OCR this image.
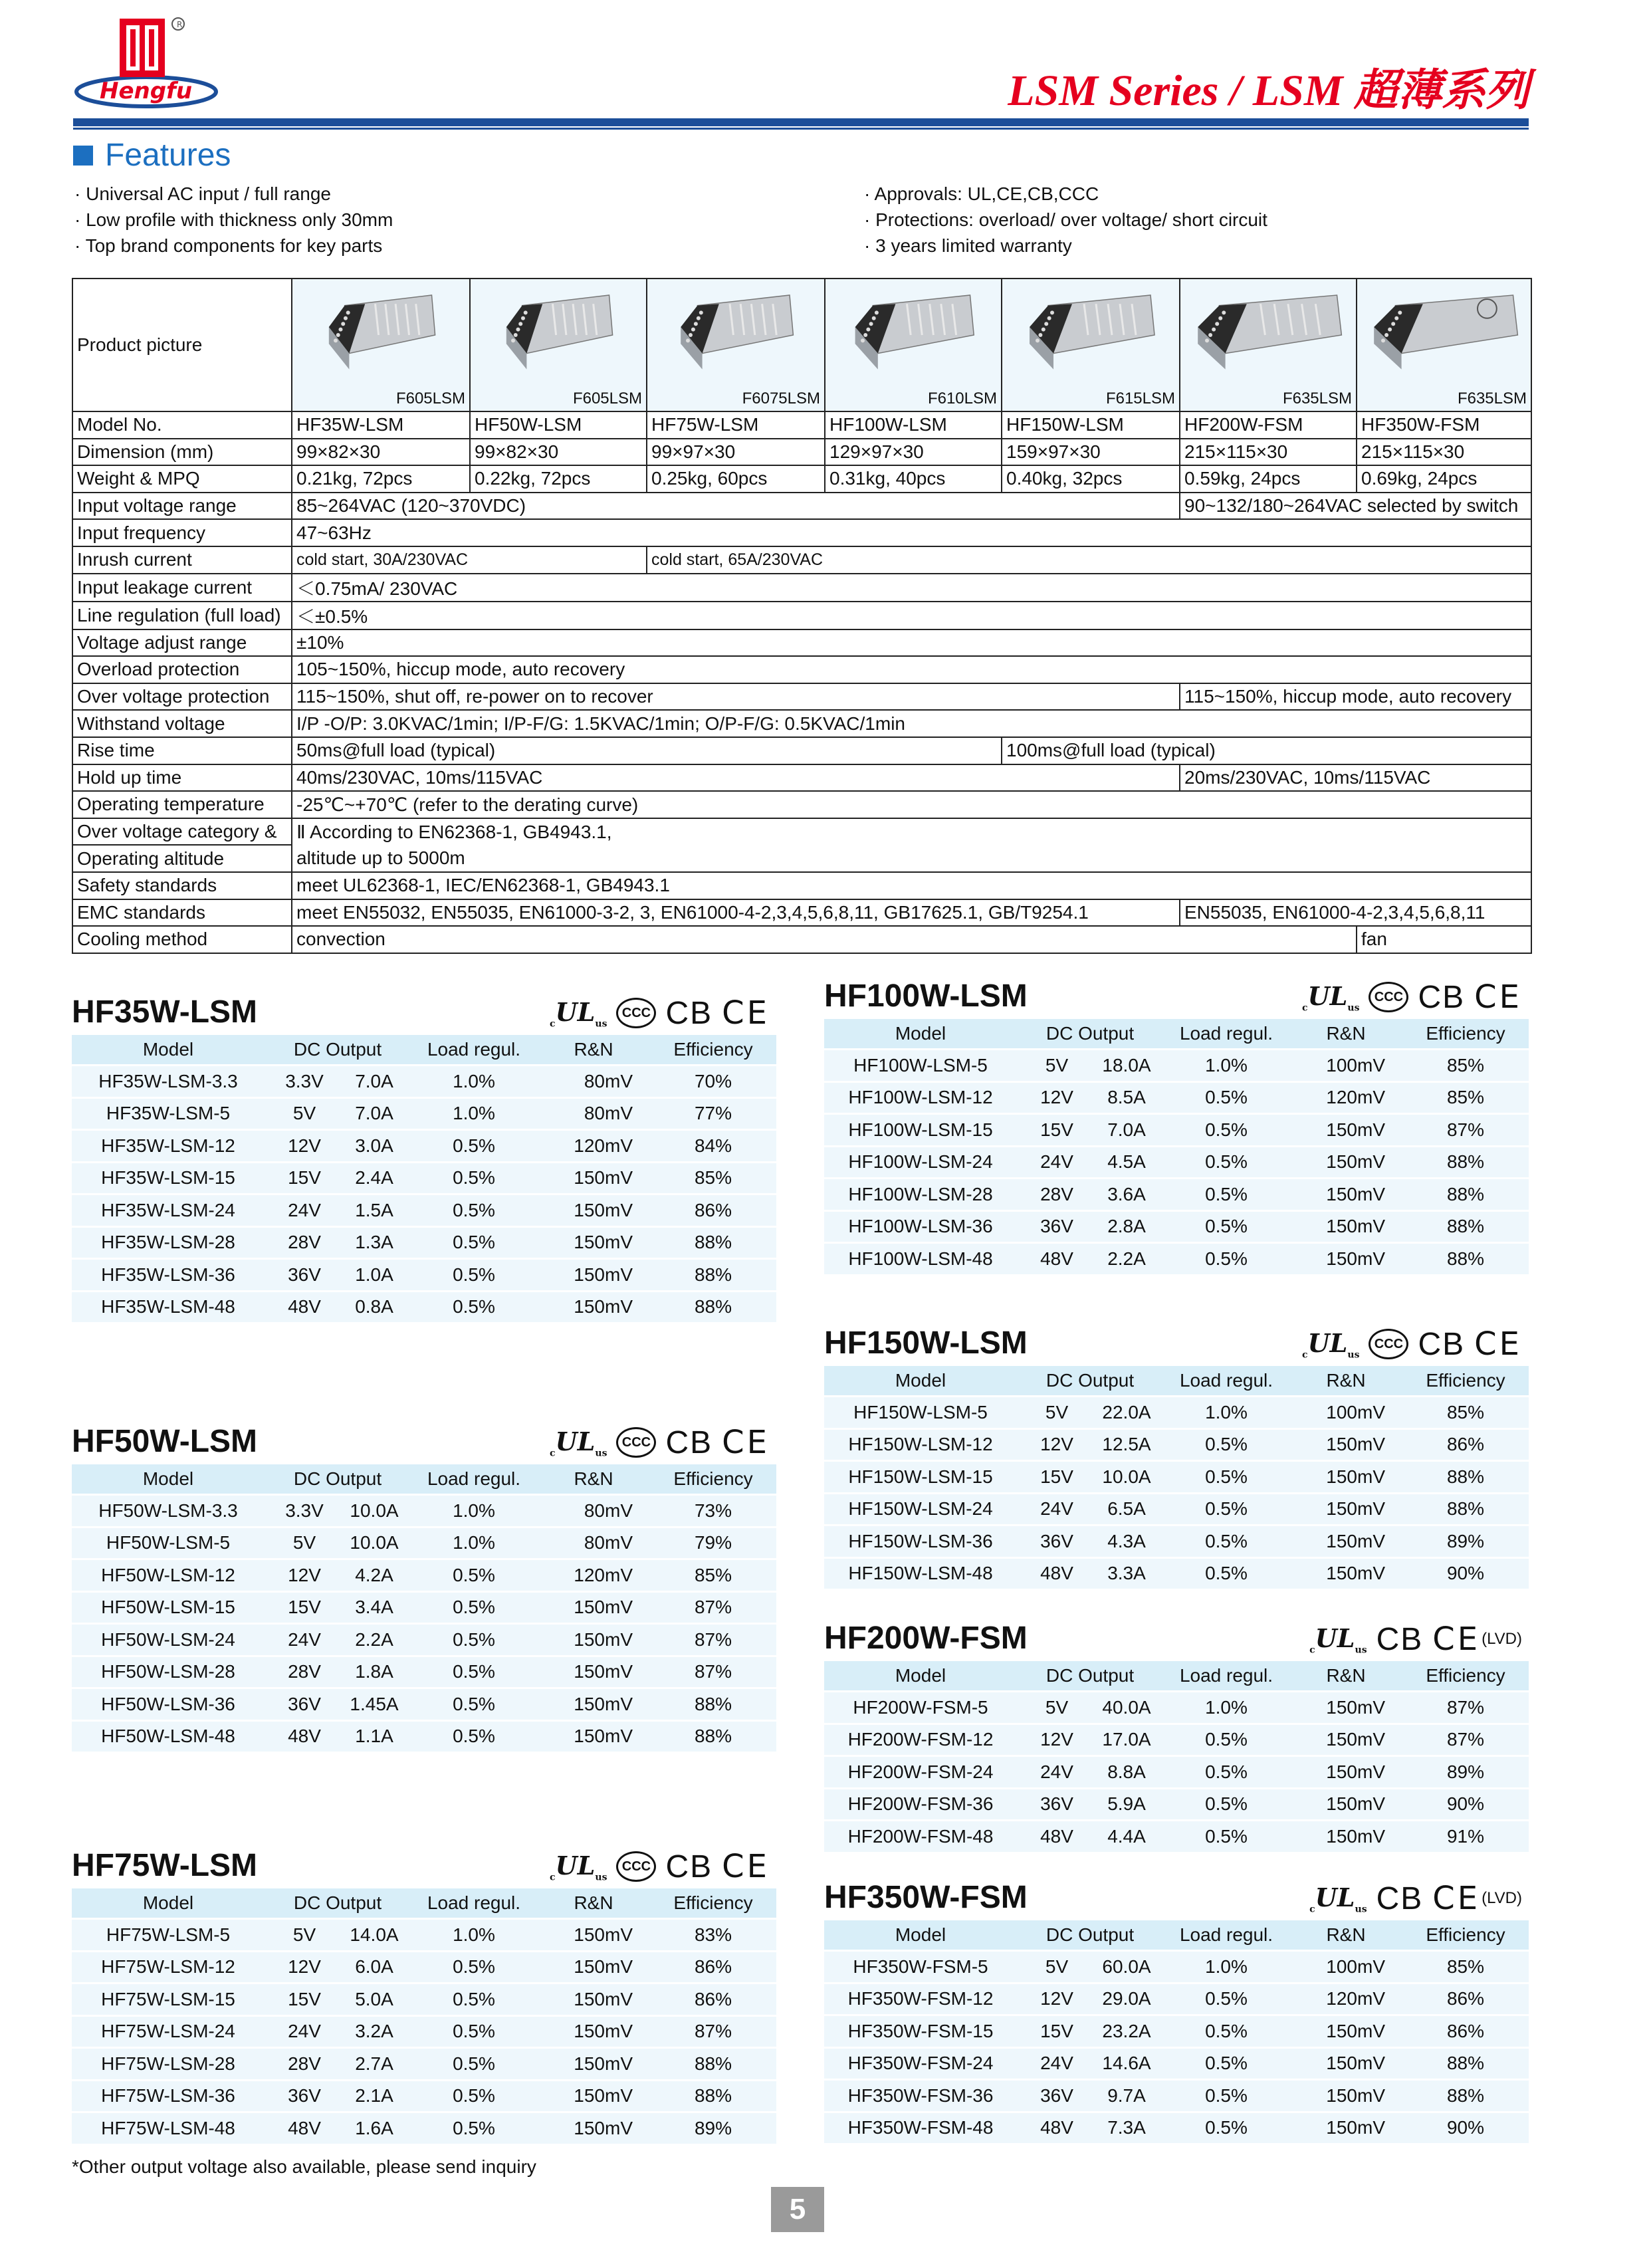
R
Hengfu	LSM Series / LSM 超薄系列
Features
· Universal AC input / full range
· Low profile with thickness only 30mm
· Top brand components for key parts
· Approvals: UL,CE,CB,CCC
· Protections: overload/ over voltage/ short circuit
· 3 years limited warranty
Product picture	F605LSM	F605LSM	F6075LSM	F610LSM	F615LSM	F635LSM	F635LSM

Model No.	HF35W-LSM	HF50W-LSM	HF75W-LSM	HF100W-LSM	HF150W-LSM	HF200W-FSM	HF350W-FSM
Dimension (mm)	99×82×30	99×82×30	99×97×30	129×97×30	159×97×30	215×115×30	215×115×30
Weight & MPQ	0.21kg, 72pcs	0.22kg, 72pcs	0.25kg, 60pcs	0.31kg, 40pcs	0.40kg, 32pcs	0.59kg, 24pcs	0.69kg, 24pcs
Input voltage range	85~264VAC (120~370VDC)					90~132/180~264VAC selected by switch	
Input frequency	47~63Hz						
Inrush current	cold start, 30A/230VAC		cold start, 65A/230VAC				
Input leakage current	＜0.75mA/ 230VAC						
Line regulation (full load)	＜±0.5%						
Voltage adjust range	±10%						
Overload protection	105~150%, hiccup mode, auto recovery						
Over voltage protection	115~150%, shut off, re-power on to recover					115~150%, hiccup mode, auto recovery	
Withstand voltage	I/P -O/P: 3.0KVAC/1min; I/P-F/G: 1.5KVAC/1min; O/P-F/G: 0.5KVAC/1min						
Rise time	50ms@full load (typical)				100ms@full load (typical)		
Hold up time	40ms/230VAC, 10ms/115VAC					20ms/230VAC, 10ms/115VAC	
Operating temperature	-25℃~+70℃ (refer to the derating curve)						
Over voltage category &	Ⅱ According to EN62368-1, GB4943.1,						
Operating altitude	altitude up to 5000m						
Safety standards	meet UL62368-1, IEC/EN62368-1, GB4943.1						
EMC standards	meet EN55032, EN55035, EN61000-3-2, 3, EN61000-4-2,3,4,5,6,8,11, GB17625.1, GB/T9254.1					EN55035, EN61000-4-2,3,4,5,6,8,11	
Cooling method	convection						fan
HF35W-LSM	$_cUL_{us}$
CCC CB CE
Model	DC Output		Load regul.	R&N	Efficiency
HF35W-LSM-3.3	3.3V	7.0A	1.0%	80mV	70%
HF35W-LSM-5	5V	7.0A	1.0%	80mV	77%
HF35W-LSM-12	12V	3.0A	0.5%	120mV	84%
HF35W-LSM-15	15V	2.4A	0.5%	150mV	85%
HF35W-LSM-24	24V	1.5A	0.5%	150mV	86%
HF35W-LSM-28	28V	1.3A	0.5%	150mV	88%
HF35W-LSM-36	36V	1.0A	0.5%	150mV	88%
HF35W-LSM-48	48V	0.8A	0.5%	150mV	88%
HF50W-LSM	$_cUL_{us}$
CCC CB CE
Model	DC Output		Load regul.	R&N	Efficiency
HF50W-LSM-3.3	3.3V	10.0A	1.0%	80mV	73%
HF50W-LSM-5	5V	10.0A	1.0%	80mV	79%
HF50W-LSM-12	12V	4.2A	0.5%	120mV	85%
HF50W-LSM-15	15V	3.4A	0.5%	150mV	87%
HF50W-LSM-24	24V	2.2A	0.5%	150mV	87%
HF50W-LSM-28	28V	1.8A	0.5%	150mV	87%
HF50W-LSM-36	36V	1.45A	0.5%	150mV	88%
HF50W-LSM-48	48V	1.1A	0.5%	150mV	88%
HF75W-LSM	$_cUL_{us}$
CCC CB CE
Model	DC Output		Load regul.	R&N	Efficiency
HF75W-LSM-5	5V	14.0A	1.0%	150mV	83%
HF75W-LSM-12	12V	6.0A	0.5%	150mV	86%
HF75W-LSM-15	15V	5.0A	0.5%	150mV	86%
HF75W-LSM-24	24V	3.2A	0.5%	150mV	87%
HF75W-LSM-28	28V	2.7A	0.5%	150mV	88%
HF75W-LSM-36	36V	2.1A	0.5%	150mV	88%
HF75W-LSM-48	48V	1.6A	0.5%	150mV	89%
HF100W-LSM	$_cUL_{us}$
CCC CB CE
Model	DC Output		Load regul.	R&N	Efficiency
HF100W-LSM-5	5V	18.0A	1.0%	100mV	85%
HF100W-LSM-12	12V	8.5A	0.5%	120mV	85%
HF100W-LSM-15	15V	7.0A	0.5%	150mV	87%
HF100W-LSM-24	24V	4.5A	0.5%	150mV	88%
HF100W-LSM-28	28V	3.6A	0.5%	150mV	88%
HF100W-LSM-36	36V	2.8A	0.5%	150mV	88%
HF100W-LSM-48	48V	2.2A	0.5%	150mV	88%
HF150W-LSM	$_cUL_{us}$
CCC CB CE
Model	DC Output		Load regul.	R&N	Efficiency
HF150W-LSM-5	5V	22.0A	1.0%	100mV	85%
HF150W-LSM-12	12V	12.5A	0.5%	150mV	86%
HF150W-LSM-15	15V	10.0A	0.5%	150mV	88%
HF150W-LSM-24	24V	6.5A	0.5%	150mV	88%
HF150W-LSM-36	36V	4.3A	0.5%	150mV	89%
HF150W-LSM-48	48V	3.3A	0.5%	150mV	90%
HF200W-FSM	$_cUL_{us}$ CB CE (LVD)
Model	DC Output		Load regul.	R&N	Efficiency
HF200W-FSM-5	5V	40.0A	1.0%	150mV	87%
HF200W-FSM-12	12V	17.0A	0.5%	150mV	87%
HF200W-FSM-24	24V	8.8A	0.5%	150mV	89%
HF200W-FSM-36	36V	5.9A	0.5%	150mV	90%
HF200W-FSM-48	48V	4.4A	0.5%	150mV	91%
HF350W-FSM	$_cUL_{us}$ CB CE (LVD)
Model	DC Output		Load regul.	R&N	Efficiency
HF350W-FSM-5	5V	60.0A	1.0%	100mV	85%
HF350W-FSM-12	12V	29.0A	0.5%	120mV	86%
HF350W-FSM-15	15V	23.2A	0.5%	150mV	86%
HF350W-FSM-24	24V	14.6A	0.5%	150mV	88%
HF350W-FSM-36	36V	9.7A	0.5%	150mV	88%
HF350W-FSM-48	48V	7.3A	0.5%	150mV	90%
*Other output voltage also available, please send inquiry
5
